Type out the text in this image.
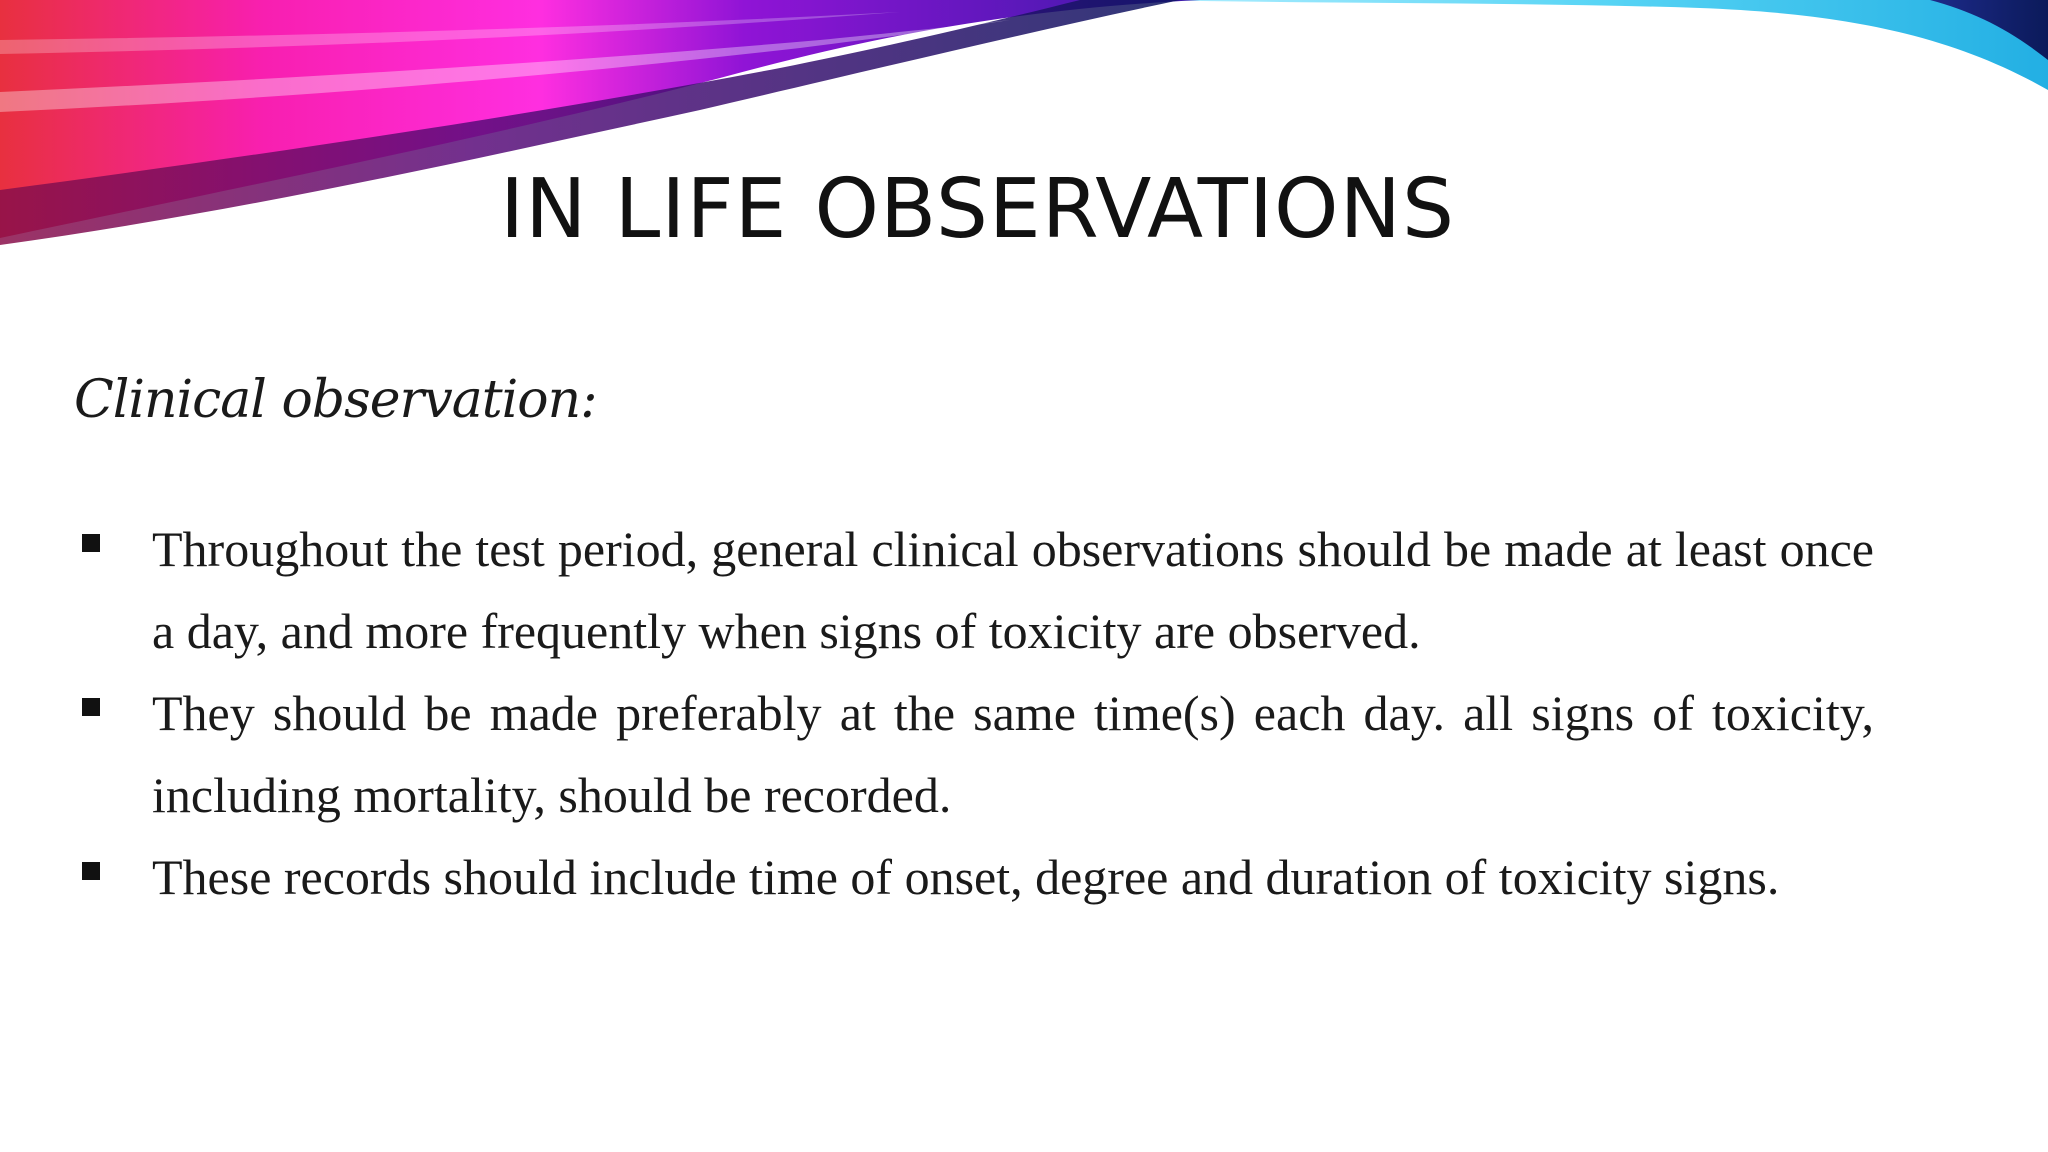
IN LIFE OBSERVATIONS

Clinical observation:

Throughout the test period, general clinical observations should be made at least once a day, and more frequently when signs of toxicity are observed.
They should be made preferably at the same time(s) each day. all signs of toxicity, including mortality, should be recorded.
These records should include time of onset, degree and duration of toxicity signs.
